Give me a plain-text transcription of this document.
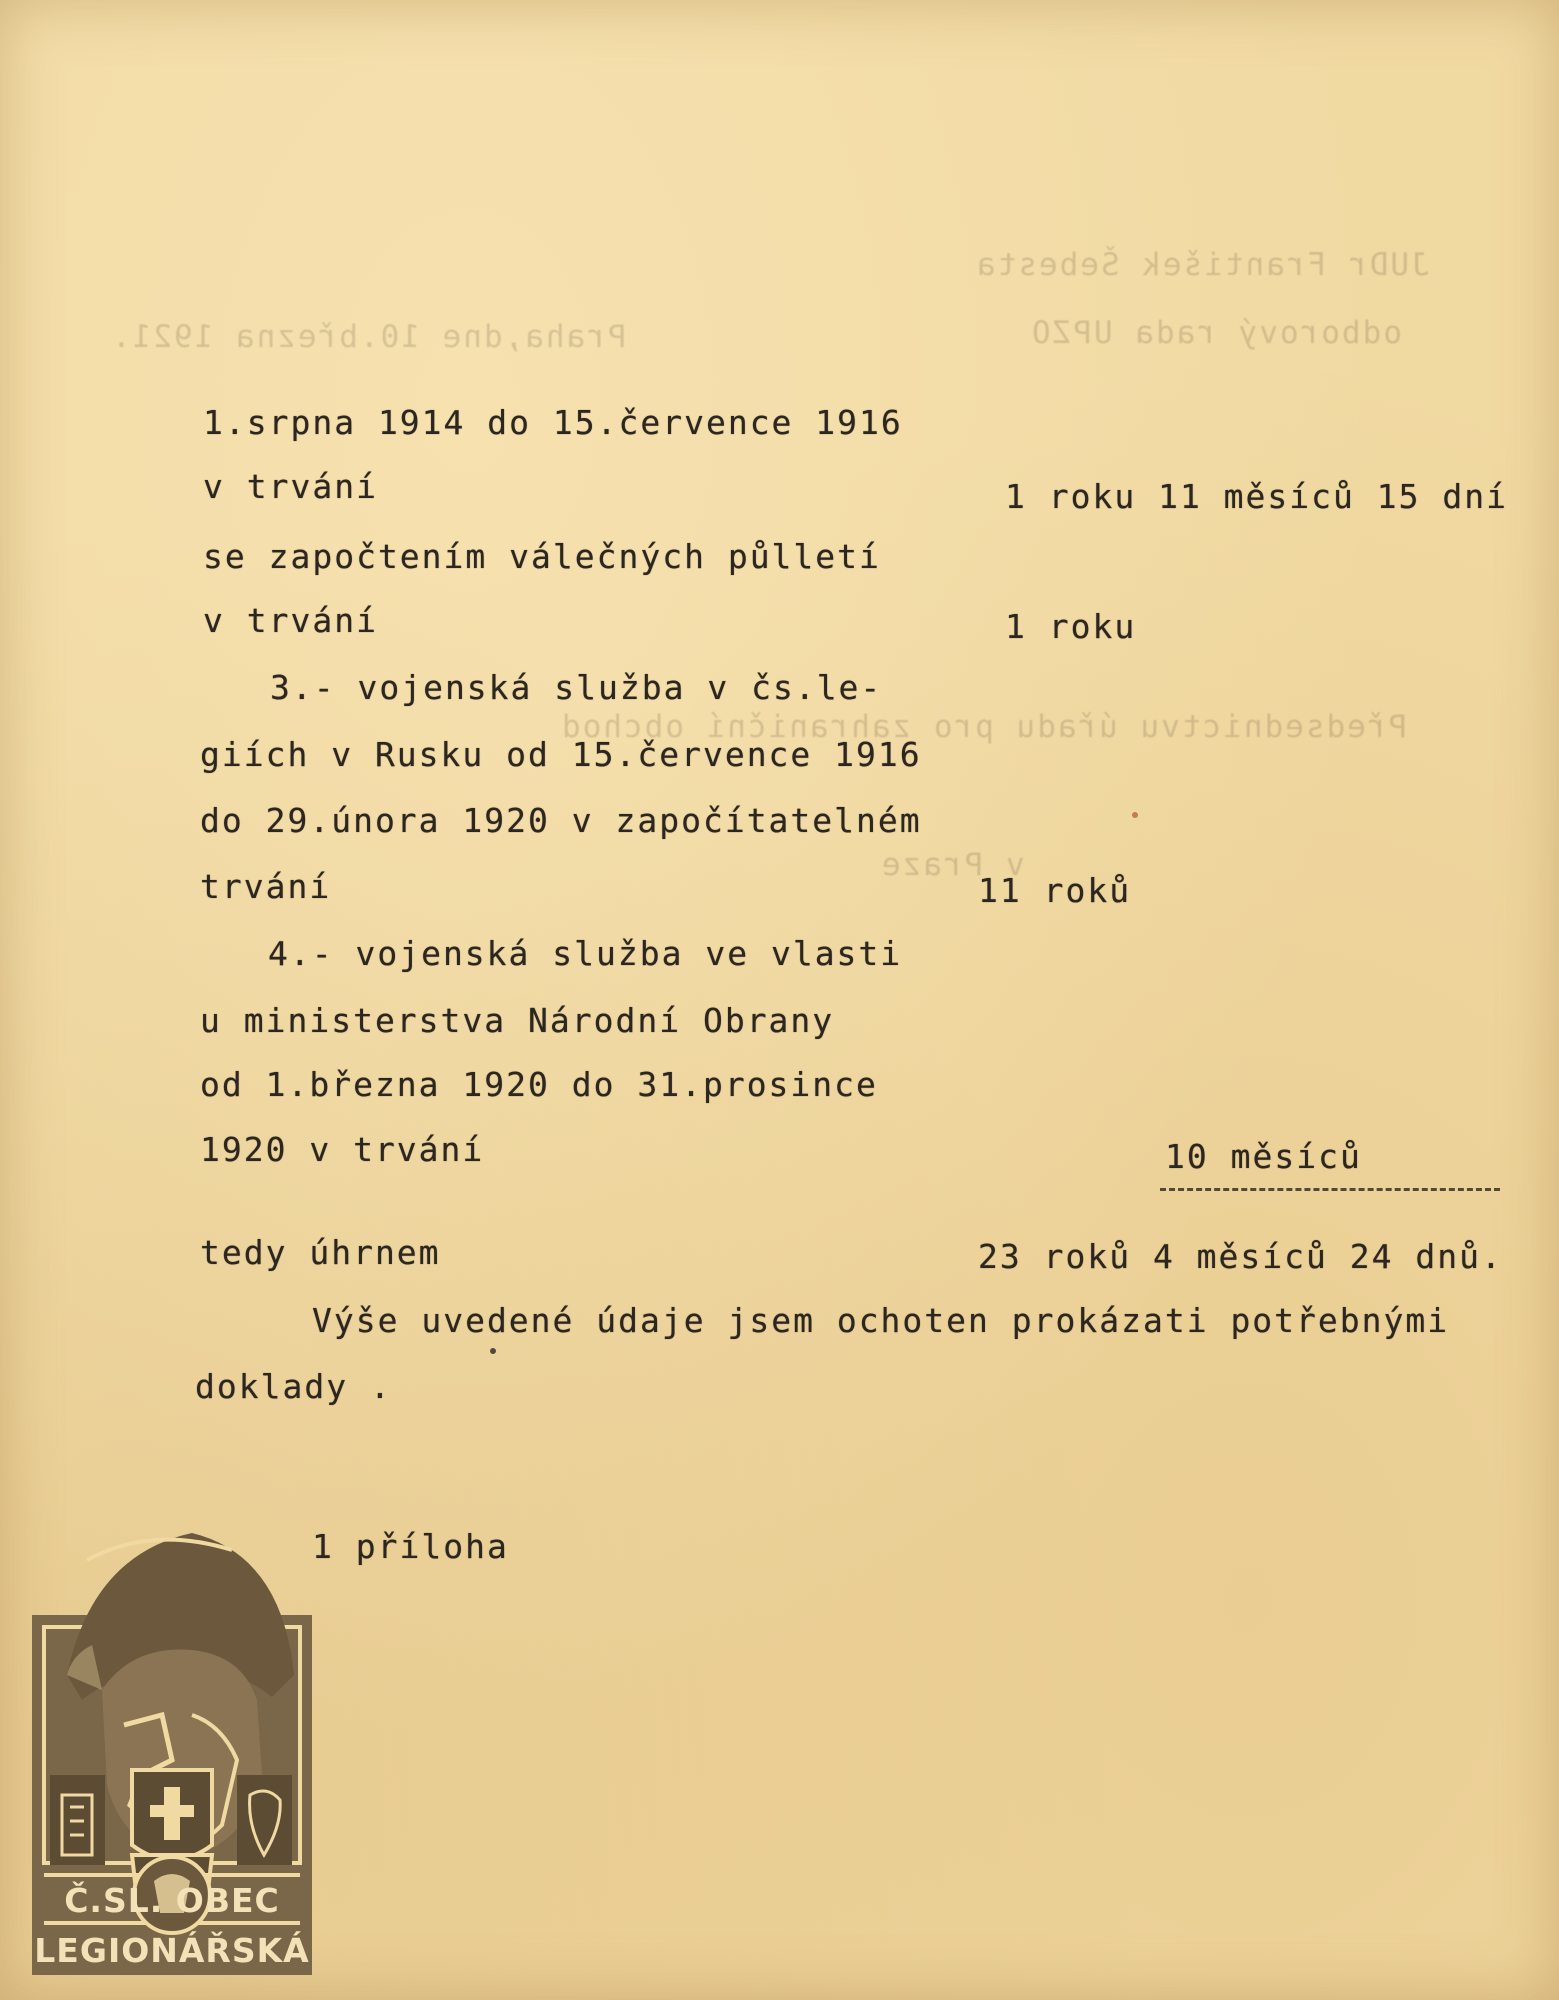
JUDr František Šebesta
odborový rada UPZO
Praha,dne 10.března 1921.
Předsednictvu úřadu pro zahraniční obchod
v Praze
1.srpna 1914 do 15.července 1916
v trvání	1 roku 11 měsíců 15 dní
se započtením válečných půlletí
v trvání	1 roku
3.- vojenská služba v čs.le-
giích v Rusku od 15.července 1916
do 29.února 1920 v započítatelném
trvání	11 roků
4.- vojenská služba ve vlasti
u ministerstva Národní Obrany
od 1.března 1920 do 31.prosince
1920 v trvání	10 měsíců
tedy úhrnem	23 roků 4 měsíců 24 dnů.
Výše uvedené údaje jsem ochoten prokázati potřebnými
doklady .
1 příloha
Č.SL. OBEC
LEGIONÁŘSKÁ
